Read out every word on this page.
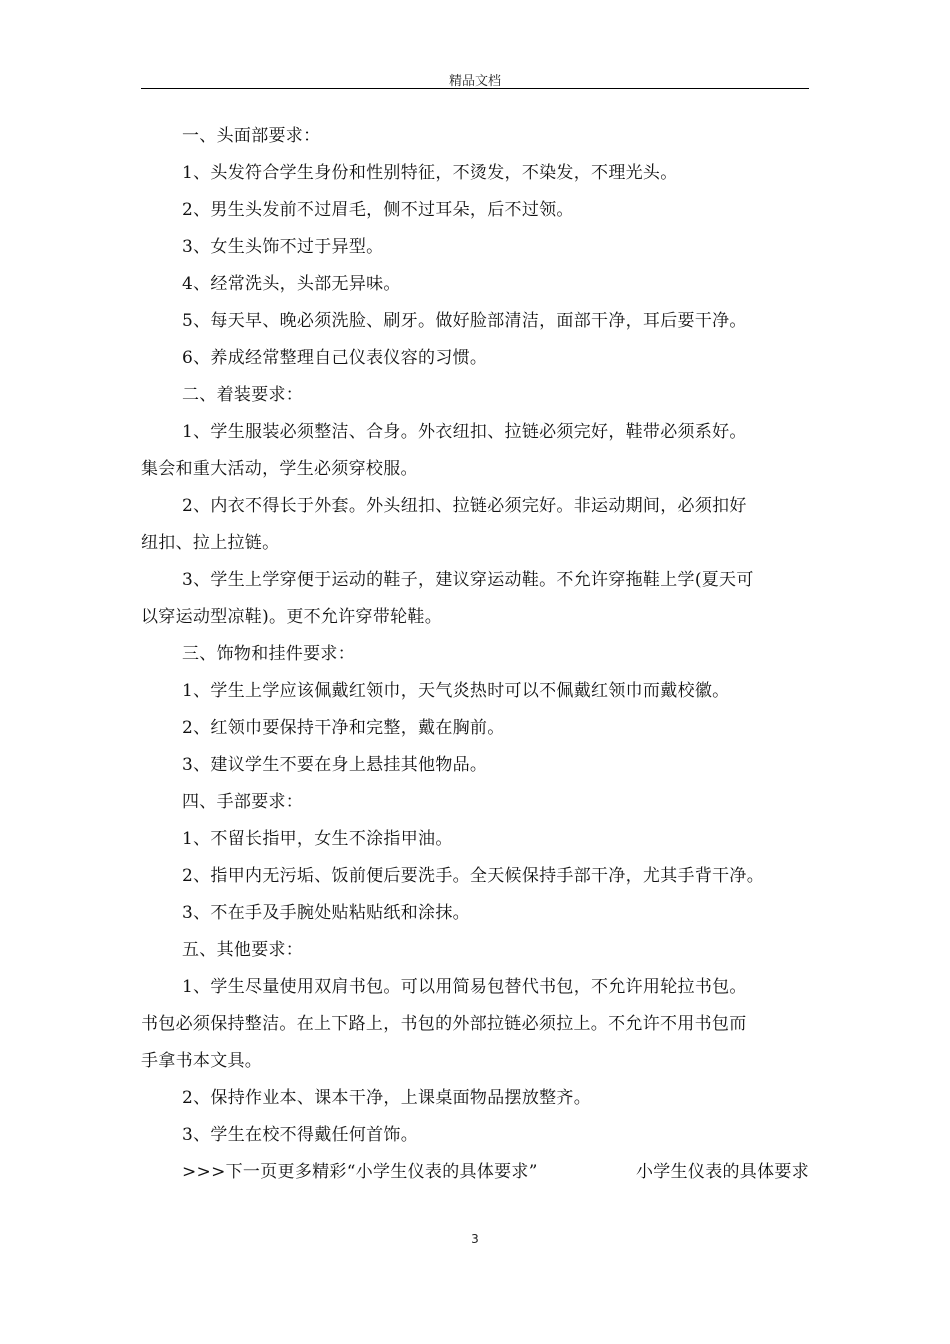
精品文档

一、头面部要求：

1、头发符合学生身份和性别特征，不烫发，不染发，不理光头。

2、男生头发前不过眉毛，侧不过耳朵，后不过领。

3、女生头饰不过于异型。

4、经常洗头，头部无异味。

5、每天早、晚必须洗脸、刷牙。做好脸部清洁，面部干净，耳后要干净。

6、养成经常整理自己仪表仪容的习惯。

二、着装要求：

1、学生服装必须整洁、合身。外衣纽扣、拉链必须完好，鞋带必须系好。

集会和重大活动，学生必须穿校服。

2、内衣不得长于外套。外头纽扣、拉链必须完好。非运动期间，必须扣好

纽扣、拉上拉链。

3、学生上学穿便于运动的鞋子，建议穿运动鞋。不允许穿拖鞋上学(夏天可

以穿运动型凉鞋)。更不允许穿带轮鞋。

三、饰物和挂件要求：

1、学生上学应该佩戴红领巾，天气炎热时可以不佩戴红领巾而戴校徽。

2、红领巾要保持干净和完整，戴在胸前。

3、建议学生不要在身上悬挂其他物品。

四、手部要求：

1、不留长指甲，女生不涂指甲油。

2、指甲内无污垢、饭前便后要洗手。全天候保持手部干净，尤其手背干净。

3、不在手及手腕处贴粘贴纸和涂抹。

五、其他要求：

1、学生尽量使用双肩书包。可以用简易包替代书包，不允许用轮拉书包。

书包必须保持整洁。在上下路上，书包的外部拉链必须拉上。不允许不用书包而

手拿书本文具。

2、保持作业本、课本干净，上课桌面物品摆放整齐。

3、学生在校不得戴任何首饰。

>>>下一页更多精彩“小学生仪表的具体要求”	小学生仪表的具体要求

3
